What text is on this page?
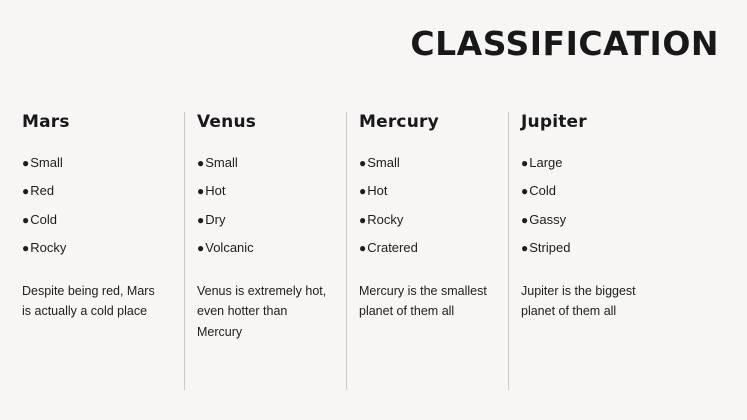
CLASSIFICATION
Mars
●Small
●Red
●Cold
●Rocky
Despite being red, Mars is actually a cold place
Venus
●Small
●Hot
●Dry
●Volcanic
Venus is extremely hot, even hotter than Mercury
Mercury
●Small
●Hot
●Rocky
●Cratered
Mercury is the smallest planet of them all
Jupiter
●Large
●Cold
●Gassy
●Striped
Jupiter is the biggest planet of them all
